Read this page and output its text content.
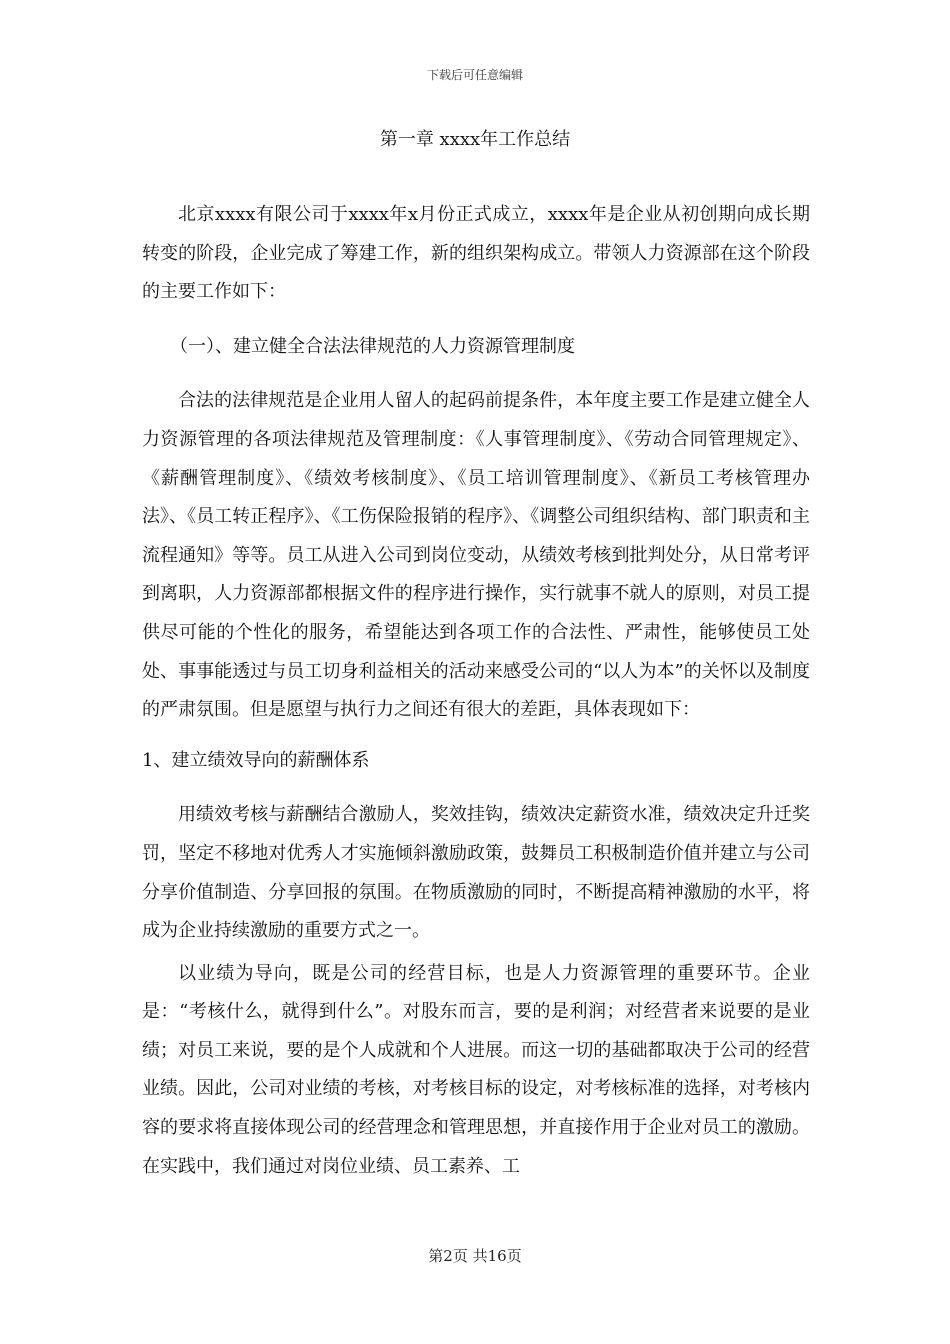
下载后可任意编辑
第一章 xxxx年工作总结

北京xxxx有限公司于xxxx年x月份正式成立，xxxx年是企业从初创期向成长期转变的阶段，企业完成了筹建工作，新的组织架构成立。带领人力资源部在这个阶段的主要工作如下：

（一）、建立健全合法法律规范的人力资源管理制度

合法的法律规范是企业用人留人的起码前提条件，本年度主要工作是建立健全人力资源管理的各项法律规范及管理制度：《人事管理制度》、《劳动合同管理规定》、《薪酬管理制度》、《绩效考核制度》、《员工培训管理制度》、《新员工考核管理办法》、《员工转正程序》、《工伤保险报销的程序》、《调整公司组织结构、部门职责和主流程通知》等等。员工从进入公司到岗位变动，从绩效考核到批判处分，从日常考评到离职，人力资源部都根据文件的程序进行操作，实行就事不就人的原则，对员工提供尽可能的个性化的服务，希望能达到各项工作的合法性、严肃性，能够使员工处处、事事能透过与员工切身利益相关的活动来感受公司的“以人为本”的关怀以及制度的严肃氛围。但是愿望与执行力之间还有很大的差距，具体表现如下：

1、建立绩效导向的薪酬体系

用绩效考核与薪酬结合激励人，奖效挂钩，绩效决定薪资水准，绩效决定升迁奖罚，坚定不移地对优秀人才实施倾斜激励政策，鼓舞员工积极制造价值并建立与公司分享价值制造、分享回报的氛围。在物质激励的同时，不断提高精神激励的水平，将成为企业持续激励的重要方式之一。

以业绩为导向，既是公司的经营目标，也是人力资源管理的重要环节。企业是：“考核什么，就得到什么”。对股东而言，要的是利润；对经营者来说要的是业绩；对员工来说，要的是个人成就和个人进展。而这一切的基础都取决于公司的经营业绩。因此，公司对业绩的考核，对考核目标的设定，对考核标准的选择，对考核内容的要求将直接体现公司的经营理念和管理思想，并直接作用于企业对员工的激励。在实践中，我们通过对岗位业绩、员工素养、工

第2页 共16页
